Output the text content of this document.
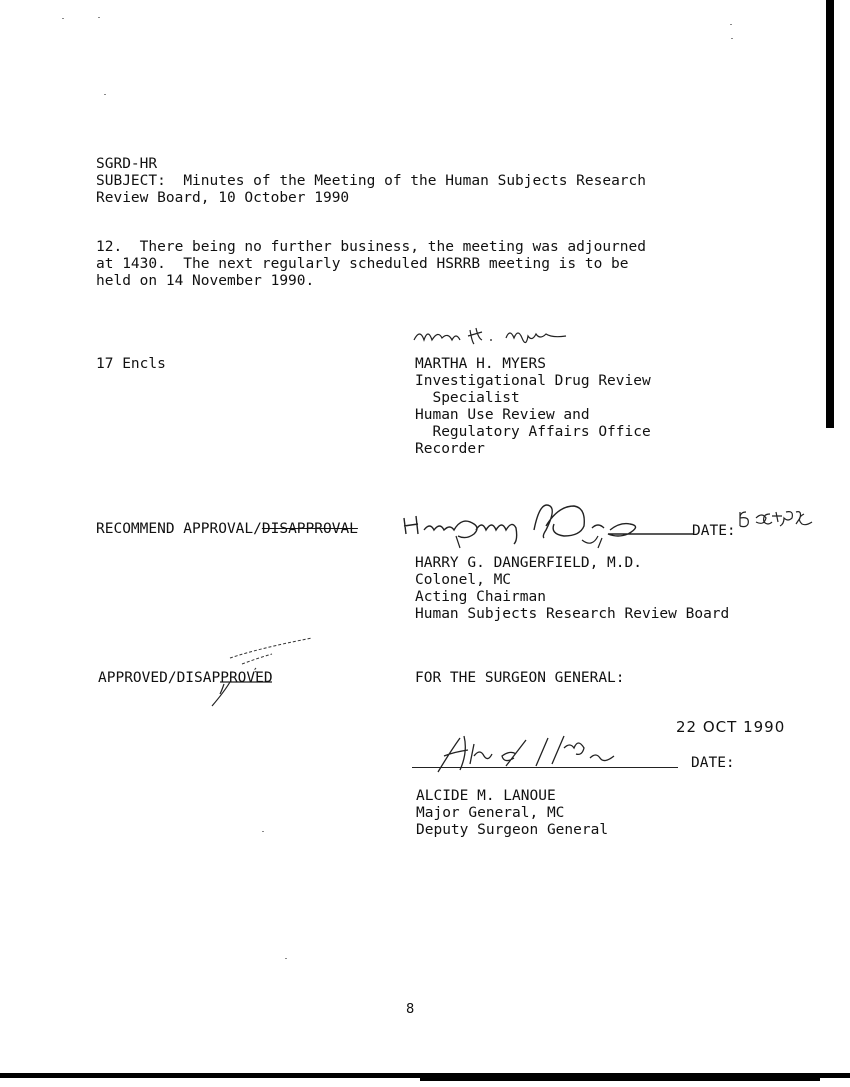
SGRD-HR
SUBJECT: Minutes of the Meeting of the Human Subjects Research
Review Board, 10 October 1990
12.  There being no further business, the meeting was adjourned
at 1430.  The next regularly scheduled HSRRB meeting is to be
held on 14 November 1990.
17 Encls	MARTHA H. MYERS
Investigational Drug Review
Specialist
Human Use Review and
Regulatory Affairs Office
Recorder
RECOMMEND APPROVAL/DISAPPROVAL	DATE:
HARRY G. DANGERFIELD, M.D.
Colonel, MC
Acting Chairman
Human Subjects Research Review Board
APPROVED/DISAPPROVED	FOR THE SURGEON GENERAL:
22 OCT 1990
DATE:
ALCIDE M. LANOUE
Major General, MC
Deputy Surgeon General
8
